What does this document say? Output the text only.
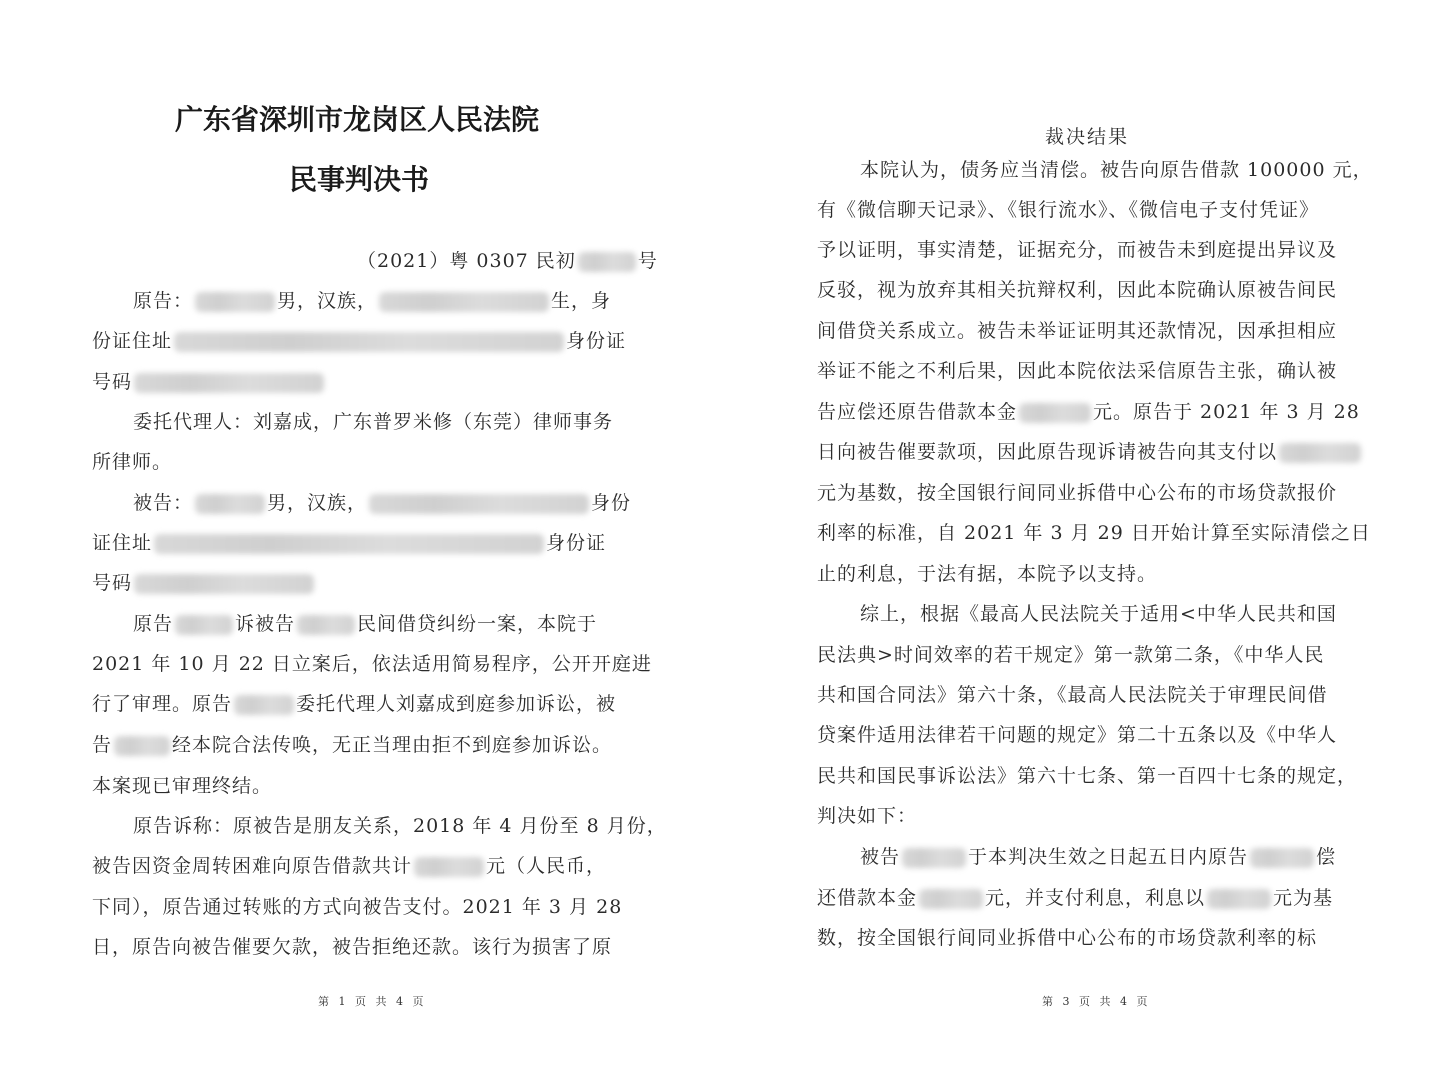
广东省深圳市龙岗区人民法院
民事判决书
（2021）粤 0307 民初	号
原告：	男，汉族，	生，身
份证住址	身份证
号码
委托代理人：刘嘉成，广东普罗米修（东莞）律师事务
所律师。
被告：	男，汉族，	身份
证住址	身份证
号码
原告	诉被告	民间借贷纠纷一案，本院于
2021 年 10 月 22 日立案后，依法适用简易程序，公开开庭进
行了审理。原告	委托代理人刘嘉成到庭参加诉讼，被
告	经本院合法传唤，无正当理由拒不到庭参加诉讼。
本案现已审理终结。
原告诉称：原被告是朋友关系，2018 年 4 月份至 8 月份，
被告因资金周转困难向原告借款共计	元（人民币，
下同），原告通过转账的方式向被告支付。2021 年 3 月 28
日，原告向被告催要欠款，被告拒绝还款。该行为损害了原
第 1 页 共 4 页
裁决结果
本院认为，债务应当清偿。被告向原告借款 100000 元，
有《微信聊天记录》、《银行流水》、《微信电子支付凭证》
予以证明，事实清楚，证据充分，而被告未到庭提出异议及
反驳，视为放弃其相关抗辩权利，因此本院确认原被告间民
间借贷关系成立。被告未举证证明其还款情况，因承担相应
举证不能之不利后果，因此本院依法采信原告主张，确认被
告应偿还原告借款本金	元。原告于 2021 年 3 月 28
日向被告催要款项，因此原告现诉请被告向其支付以
元为基数，按全国银行间同业拆借中心公布的市场贷款报价
利率的标准，自 2021 年 3 月 29 日开始计算至实际清偿之日
止的利息，于法有据，本院予以支持。
综上，根据《最高人民法院关于适用<中华人民共和国
民法典>时间效率的若干规定》第一款第二条，《中华人民
共和国合同法》第六十条，《最高人民法院关于审理民间借
贷案件适用法律若干问题的规定》第二十五条以及《中华人
民共和国民事诉讼法》第六十七条、第一百四十七条的规定，
判决如下：
被告	于本判决生效之日起五日内原告	偿
还借款本金	元，并支付利息，利息以	元为基
数，按全国银行间同业拆借中心公布的市场贷款利率的标
第 3 页 共 4 页
